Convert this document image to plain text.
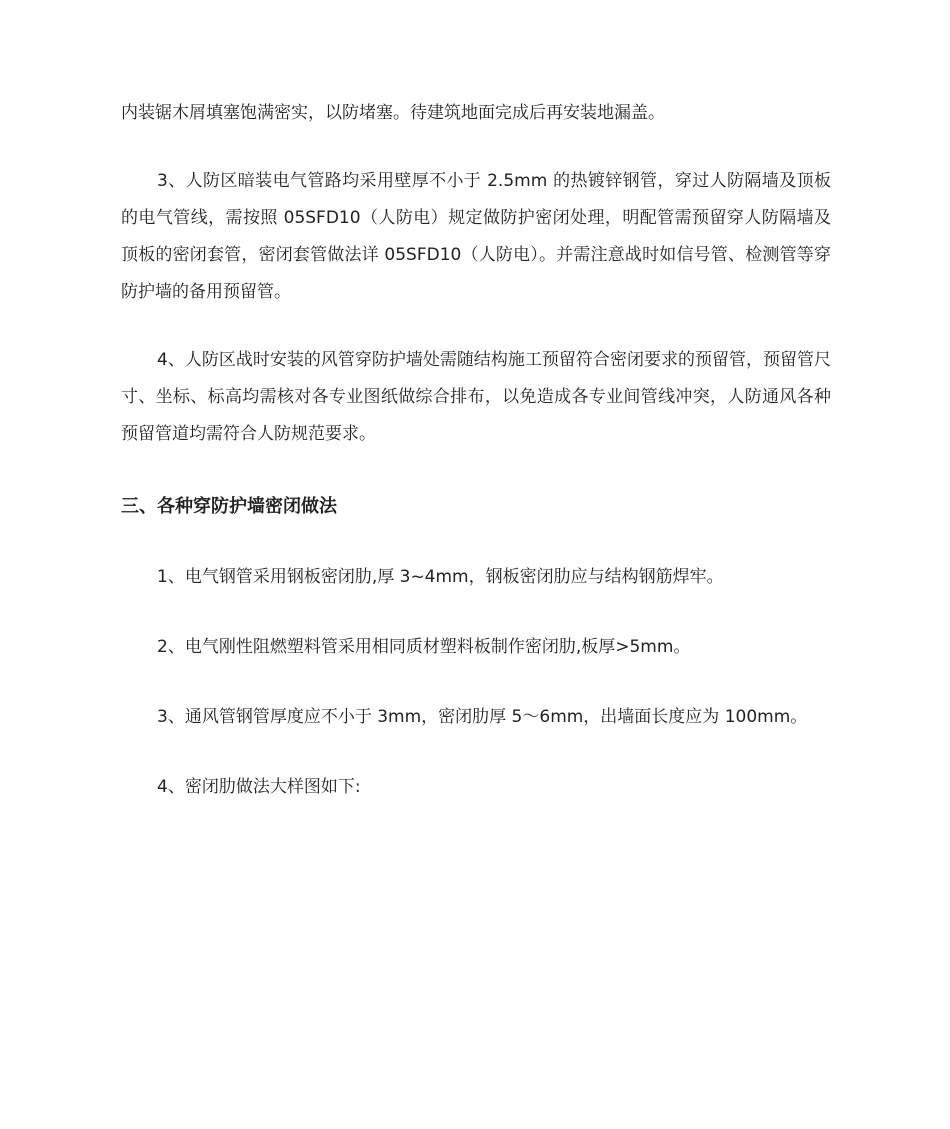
内装锯木屑填塞饱满密实，以防堵塞。待建筑地面完成后再安装地漏盖。

3、人防区暗装电气管路均采用壁厚不小于 2.5mm 的热镀锌钢管，穿过人防隔墙及顶板的电气管线，需按照 05SFD10（人防电）规定做防护密闭处理，明配管需预留穿人防隔墙及顶板的密闭套管，密闭套管做法详 05SFD10（人防电）。并需注意战时如信号管、检测管等穿防护墙的备用预留管。

4、人防区战时安装的风管穿防护墙处需随结构施工预留符合密闭要求的预留管，预留管尺寸、坐标、标高均需核对各专业图纸做综合排布，以免造成各专业间管线冲突，人防通风各种预留管道均需符合人防规范要求。

三、各种穿防护墙密闭做法

1、电气钢管采用钢板密闭肋,厚 3~4mm，钢板密闭肋应与结构钢筋焊牢。

2、电气刚性阻燃塑料管采用相同质材塑料板制作密闭肋,板厚>5mm。

3、通风管钢管厚度应不小于 3mm，密闭肋厚 5～6mm，出墙面长度应为 100mm。

4、密闭肋做法大样图如下:
